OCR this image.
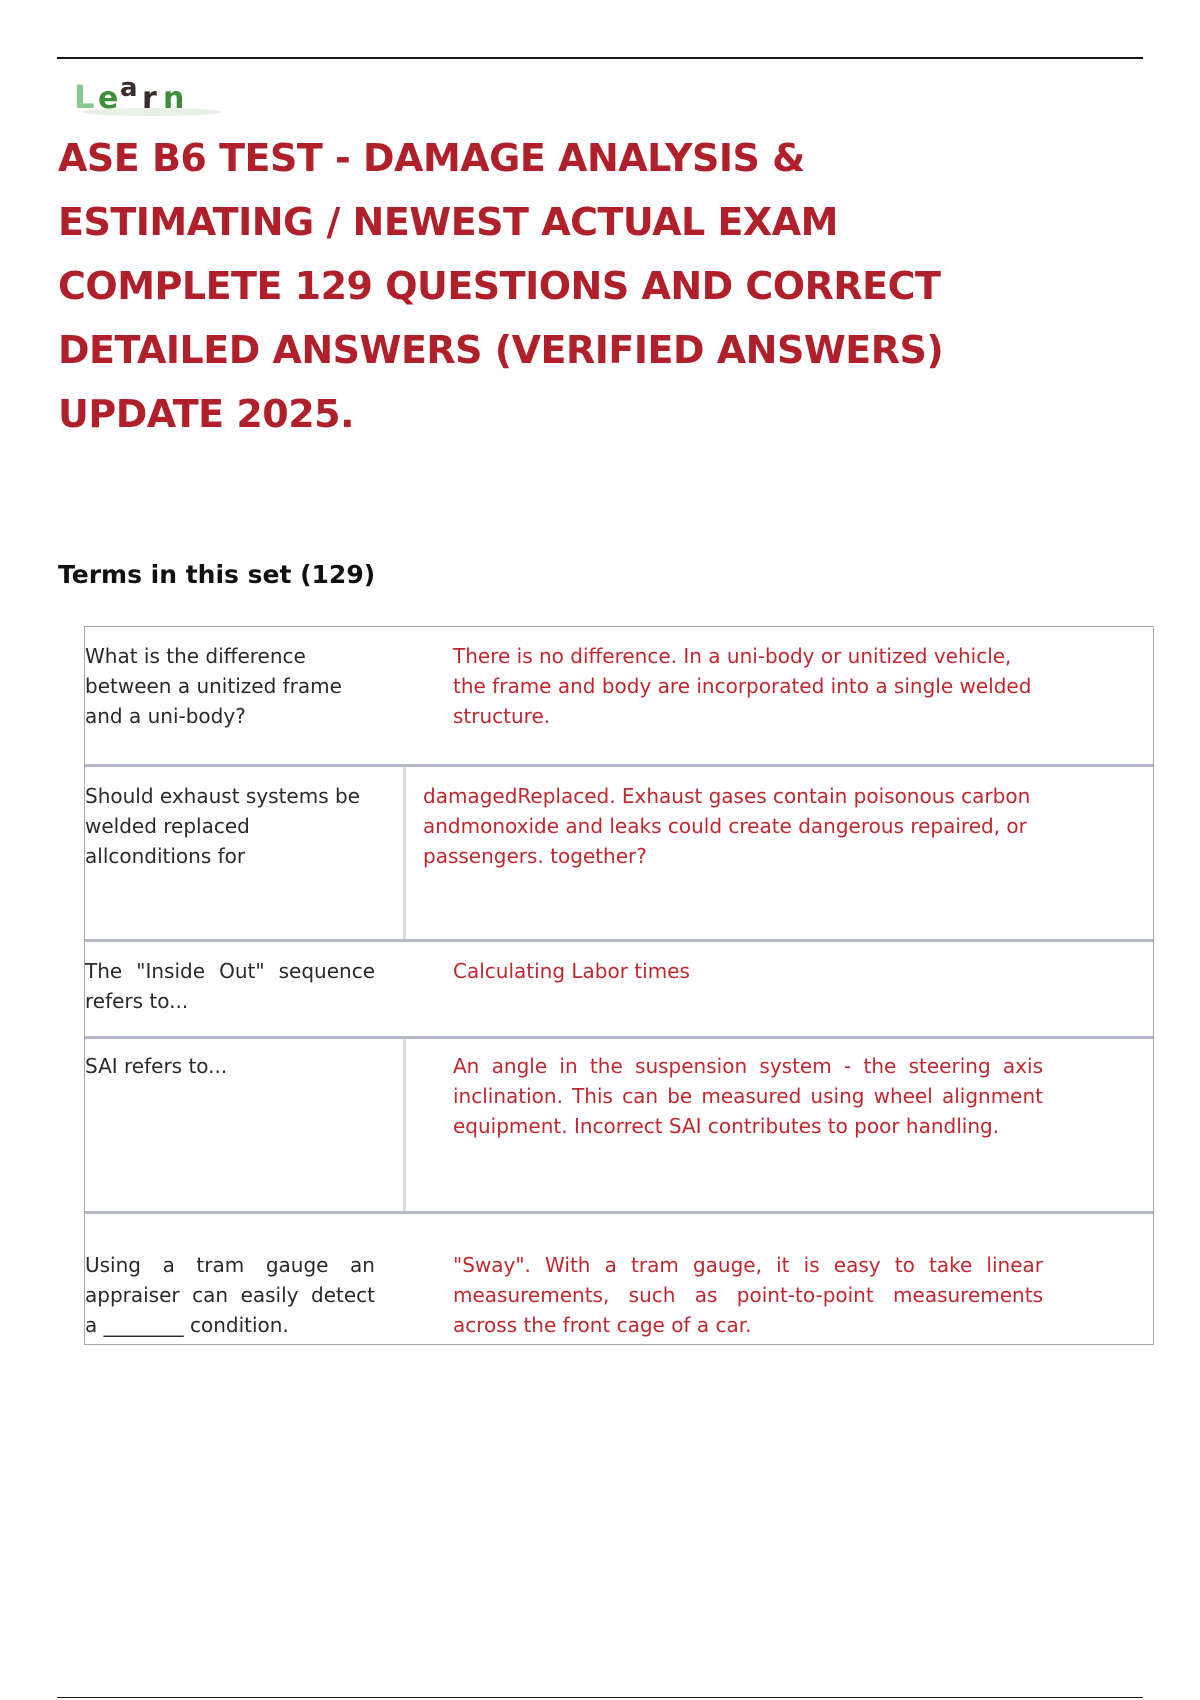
L e a r n
ASE B6 TEST - DAMAGE ANALYSIS &
ESTIMATING / NEWEST ACTUAL EXAM
COMPLETE 129 QUESTIONS AND CORRECT
DETAILED ANSWERS (VERIFIED ANSWERS)
UPDATE 2025.
Terms in this set (129)

What is the difference between a unitized frame and a uni-body?

There is no difference. In a uni-body or unitized vehicle, the frame and body are incorporated into a single welded structure.

Should exhaust systems be welded replaced allconditions for

damagedReplaced. Exhaust gases contain poisonous carbon andmonoxide and leaks could create dangerous repaired, or passengers. together?

The "Inside Out" sequence refers to...

Calculating Labor times

SAI refers to...	An angle in the suspension system - the steering axis inclination. This can be measured using wheel alignment equipment. Incorrect SAI contributes to poor handling.

Using a tram gauge an appraiser can easily detect a ________ condition.

"Sway". With a tram gauge, it is easy to take linear measurements, such as point-to-point measurements across the front cage of a car.
